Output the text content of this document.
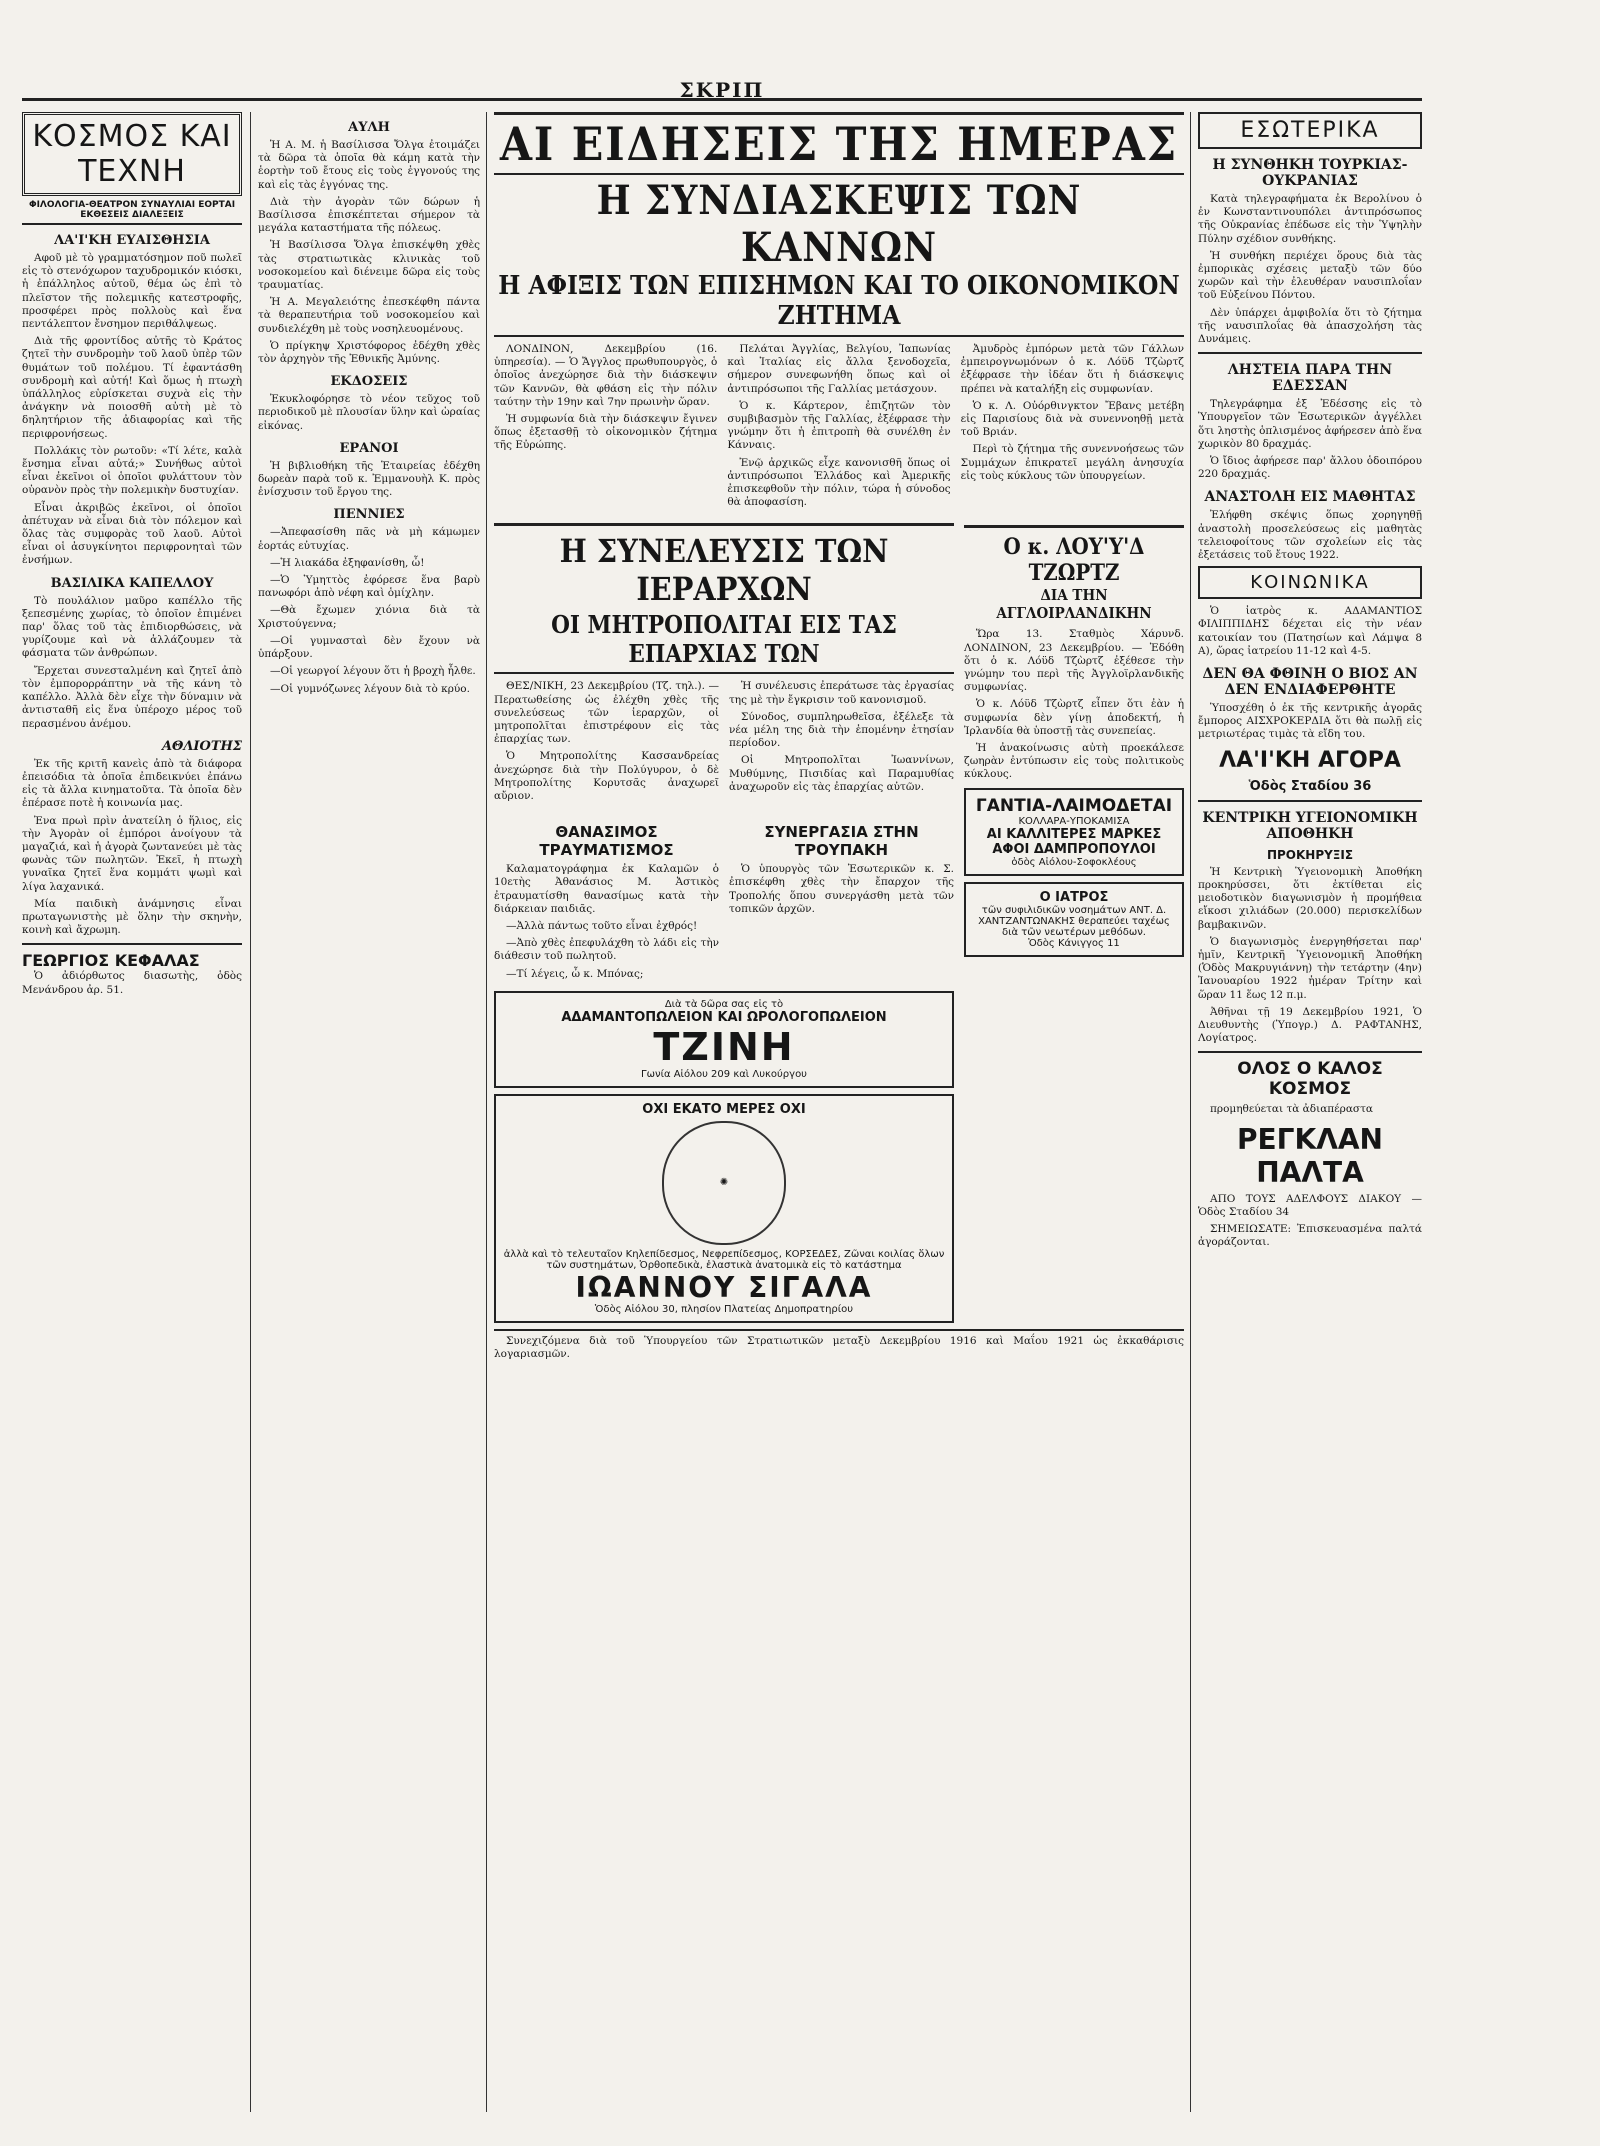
ΣΚΡΙΠ
ΚΟΣΜΟΣ ΚΑΙ ΤΕΧΝΗ
ΦΙΛΟΛΟΓΙΑ-ΘΕΑΤΡΟΝ ΣΥΝΑΥΛΙΑΙ ΕΟΡΤΑΙ ΕΚΘΕΣΕΙΣ ΔΙΑΛΕΞΕΙΣ
ΛΑ'Ι'ΚΗ ΕΥΑΙΣΘΗΣΙΑ

Αφοῦ μὲ τὸ γραμματόσημον ποῦ πωλεῖ εἰς τὸ στενόχωρον ταχυδρομικόν κιόσκι, ἡ ἐπάλληλος αὐτοῦ, θέμα ὡς ἐπὶ τὸ πλεῖστον τῆς πολεμικῆς κατεστροφῆς, προσφέρει πρὸς πολλοὺς καὶ ἕνα πεντάλεπτον ἔνσημον περιθάλψεως.

Διὰ τῆς φροντίδος αὐτῆς τὸ Κράτος ζητεῖ τὴν συνδρομὴν τοῦ λαοῦ ὑπὲρ τῶν θυμάτων τοῦ πολέμου. Τί ἐφαντάσθη συνδρομὴ καὶ αὐτή! Καὶ ὅμως ἡ πτωχὴ ὑπάλληλος εὑρίσκεται συχνὰ εἰς τὴν ἀνάγκην νὰ ποιοσθῆ αὐτὴ μὲ τὸ δηλητήριον τῆς ἀδιαφορίας καὶ τῆς περιφρονήσεως.

Πολλάκις τὸν ρωτοῦν: «Τί λέτε, καλὰ ἔνσημα εἶναι αὐτά;» Συνήθως αὐτοὶ εἶναι ἐκεῖνοι οἱ ὁποῖοι φυλάττουν τὸν οὐρανὸν πρὸς τὴν πολεμικὴν δυστυχίαν.

Εἶναι ἀκριβῶς ἐκεῖνοι, οἱ ὁποῖοι ἀπέτυχαν νὰ εἶναι διὰ τὸν πόλεμον καὶ ὅλας τὰς συμφορὰς τοῦ λαοῦ. Αὐτοὶ εἶναι οἱ ἀσυγκίνητοι περιφρονηταὶ τῶν ἐνσήμων.

ΒΑΣΙΛΙΚΑ ΚΑΠΕΛΛΟΥ

Τὸ πουλάλιον μαῦρο καπέλλο τῆς ξεπεσμένης χωρίας, τὸ ὁποῖον ἐπιμένει παρ' ὅλας τοῦ τὰς ἐπιδιορθώσεις, νὰ γυρίζουμε καὶ νὰ ἀλλάζουμεν τὰ φάσματα τῶν ἀνθρώπων.

Ἔρχεται συνεσταλμένη καὶ ζητεῖ ἀπὸ τὸν ἐμπορορράπτην νὰ τῆς κάνη τὸ καπέλλο. Ἀλλὰ δὲν εἶχε τὴν δύναμιν νὰ ἀντισταθῆ εἰς ἕνα ὑπέροχο μέρος τοῦ περασμένου ἀνέμου.

ΑΘΛΙΟΤΗΣ

Ἐκ τῆς κριτῆ κανεὶς ἀπὸ τὰ διάφορα ἐπεισόδια τὰ ὁποῖα ἐπιδεικνύει ἐπάνω εἰς τὰ ἄλλα κινηματοῦτα. Τὰ ὁποῖα δὲν ἐπέρασε ποτὲ ἡ κοινωνία μας.

Ἐνα πρωὶ πρὶν ἀνατείλη ὁ ἥλιος, εἰς τὴν Ἀγορὰν οἱ ἐμπόροι ἀνοίγουν τὰ μαγαζιά, καὶ ἡ ἀγορὰ ζωντανεύει μὲ τὰς φωνὰς τῶν πωλητῶν. Ἐκεῖ, ἡ πτωχὴ γυναῖκα ζητεῖ ἕνα κομμάτι ψωμὶ καὶ λίγα λαχανικά.

Μία παιδικὴ ἀνάμνησις εἶναι πρωταγωνιστὴς μὲ ὅλην τὴν σκηνὴν, κοινὴ καὶ ἄχρωμη.

ΓΕΩΡΓΙΟΣ ΚΕΦΑΛΑΣ

Ὁ ἀδιόρθωτος διασωτὴς, ὁδὸς Μενάνδρου ἀρ. 51.

ΑΥΛΗ

Ἡ Α. Μ. ἡ Βασίλισσα Ὄλγα ἐτοιμάζει τὰ δῶρα τὰ ὁποῖα θὰ κάμη κατὰ τὴν ἑορτὴν τοῦ ἔτους εἰς τοὺς ἐγγονούς της καὶ εἰς τὰς ἐγγόνας της.

Διὰ τὴν ἀγορὰν τῶν δώρων ἡ Βασίλισσα ἐπισκέπτεται σήμερον τὰ μεγάλα καταστήματα τῆς πόλεως.

Ἡ Βασίλισσα Ὄλγα ἐπισκέψθη χθὲς τὰς στρατιωτικὰς κλινικὰς τοῦ νοσοκομείου καὶ διένειμε δῶρα εἰς τοὺς τραυματίας.

Ἡ Α. Μεγαλειότης ἐπεσκέφθη πάντα τὰ θεραπευτήρια τοῦ νοσοκομείου καὶ συνδιελέχθη μὲ τοὺς νοσηλευομένους.

Ὁ πρίγκηψ Χριστόφορος ἐδέχθη χθὲς τὸν ἀρχηγὸν τῆς Ἐθνικῆς Ἀμύνης.

ΕΚΔΟΣΕΙΣ

Ἐκυκλοφόρησε τὸ νέον τεῦχος τοῦ περιοδικοῦ μὲ πλουσίαν ὕλην καὶ ὡραίας εἰκόνας.

ΕΡΑΝΟΙ

Ἡ βιβλιοθήκη τῆς Ἑταιρείας ἐδέχθη δωρεὰν παρὰ τοῦ κ. Ἐμμανουὴλ Κ. πρὸς ἐνίσχυσιν τοῦ ἔργου της.

ΠΕΝΝΙΕΣ

—Ἀπεφασίσθη πᾶς νὰ μὴ κάμωμεν ἑορτάς εὐτυχίας.

—Ἡ λιακάδα ἐξηφανίσθη, ὦ!

—Ὁ Ὑμηττὸς ἐφόρεσε ἕνα βαρὺ πανωφόρι ἀπὸ νέφη καὶ ὁμίχλην.

—Θὰ ἔχωμεν χιόνια διὰ τὰ Χριστούγεννα;

—Οἱ γυμνασταὶ δὲν ἔχουν νὰ ὑπάρξουν.

—Οἱ γεωργοί λέγουν ὅτι ἡ βροχὴ ἦλθε.

—Οἱ γυμνόζωνες λέγουν διὰ τὸ κρύο.

ΑΙ ΕΙΔΗΣΕΙΣ ΤΗΣ ΗΜΕΡΑΣ
Η ΣΥΝΔΙΑΣΚΕΨΙΣ ΤΩΝ ΚΑΝΝΩΝ
Η ΑΦΙΞΙΣ ΤΩΝ ΕΠΙΣΗΜΩΝ ΚΑΙ ΤΟ ΟΙΚΟΝΟΜΙΚΟΝ ΖΗΤΗΜΑ

ΛΟΝΔΙΝΟΝ, Δεκεμβρίου (16. ὑπηρεσία). — Ὁ Ἄγγλος πρωθυπουργὸς, ὁ ὁποῖος ἀνεχώρησε διὰ τὴν διάσκεψιν τῶν Καννῶν, θὰ φθάση εἰς τὴν πόλιν ταύτην τὴν 19ην καὶ 7ην πρωινὴν ὥραν.

Ἡ συμφωνία διὰ τὴν διάσκεψιν ἔγινεν ὅπως ἐξετασθῇ τὸ οἰκονομικὸν ζήτημα τῆς Εὐρώπης.

Πελάται Ἀγγλίας, Βελγίου, Ἰαπωνίας καὶ Ἰταλίας εἰς ἄλλα ξενοδοχεῖα, σήμερον συνεφωνήθη ὅπως καὶ οἱ ἀντιπρόσωποι τῆς Γαλλίας μετάσχουν.

Ὁ κ. Κάρτερον, ἐπιζητῶν τὸν συμβιβασμὸν τῆς Γαλλίας, ἐξέφρασε τὴν γνώμην ὅτι ἡ ἐπιτροπὴ θὰ συνέλθη ἐν Κάνναις.

Ἐνῷ ἀρχικῶς εἶχε κανονισθῆ ὅπως οἱ ἀντιπρόσωποι Ἑλλάδος καὶ Ἀμερικῆς ἐπισκεφθοῦν τὴν πόλιν, τώρα ἡ σύνοδος θὰ ἀποφασίση.

Ἀμυδρὸς ἐμπόρων μετὰ τῶν Γάλλων ἐμπειρογνωμόνων ὁ κ. Λόϋδ Τζὼρτζ ἐξέφρασε τὴν ἰδέαν ὅτι ἡ διάσκεψις πρέπει νὰ καταλήξη εἰς συμφωνίαν.

Ὁ κ. Λ. Οὐόρθινγκτον Ἔβανς μετέβη εἰς Παρισίους διὰ νὰ συνεννοηθῇ μετὰ τοῦ Βριάν.

Περὶ τὸ ζήτημα τῆς συνεννοήσεως τῶν Συμμάχων ἐπικρατεῖ μεγάλη ἀνησυχία εἰς τοὺς κύκλους τῶν ὑπουργείων.

Η ΣΥΝΕΛΕΥΣΙΣ ΤΩΝ ΙΕΡΑΡΧΩΝ
ΟΙ ΜΗΤΡΟΠΟΛΙΤΑΙ ΕΙΣ ΤΑΣ ΕΠΑΡΧΙΑΣ ΤΩΝ

ΘΕΣ/ΝΙΚΗ, 23 Δεκεμβρίου (Τζ. τηλ.). — Περατωθείσης ὡς ἐλέχθη χθὲς τῆς συνελεύσεως τῶν ἱεραρχῶν, οἱ μητροπολῖται ἐπιστρέφουν εἰς τὰς ἐπαρχίας των.

Ὁ Μητροπολίτης Κασσανδρείας ἀνεχώρησε διὰ τὴν Πολύγυρον, ὁ δὲ Μητροπολίτης Κορυτσᾶς ἀναχωρεῖ αὔριον.

Ἡ συνέλευσις ἐπεράτωσε τὰς ἐργασίας της μὲ τὴν ἔγκρισιν τοῦ κανονισμοῦ.

Σύνοδος, συμπληρωθεῖσα, ἐξέλεξε τὰ νέα μέλη της διὰ τὴν ἐπομένην ἐτησίαν περίοδον.

Οἱ Μητροπολῖται Ἰωαννίνων, Μυθύμνης, Πισιδίας καὶ Παραμυθίας ἀναχωροῦν εἰς τὰς ἐπαρχίας αὐτῶν.

ΘΑΝΑΣΙΜΟΣ ΤΡΑΥΜΑΤΙΣΜΟΣ

Καλαματογράφημα ἐκ Καλαμῶν ὁ 10ετὴς Ἀθανάσιος Μ. Ἀστικὸς ἐτραυματίσθη θανασίμως κατὰ τὴν διάρκειαν παιδιᾶς.

—Ἀλλὰ πάντως τοῦτο εἶναι ἐχθρός!

—Ἀπὸ χθὲς ἐπεφυλάχθη τὸ λάδι εἰς τὴν διάθεσιν τοῦ πωλητοῦ.

—Τί λέγεις, ὦ κ. Μπόνας;

ΣΥΝΕΡΓΑΣΙΑ ΣΤΗΝ ΤΡΟΥΠΑΚΗ

Ὁ ὑπουργὸς τῶν Ἐσωτερικῶν κ. Σ. ἐπισκέφθη χθὲς τὴν ἔπαρχον τῆς Τροπολής ὅπου συνεργάσθη μετὰ τῶν τοπικῶν ἀρχῶν.

Διὰ τὰ δῶρα σας εἰς τὸ
ΑΔΑΜΑΝΤΟΠΩΛΕΙΟΝ ΚΑΙ ΩΡΟΛΟΓΟΠΩΛΕΙΟΝ
ΤΖΙΝΗ
Γωνία Αἰόλου 209 καὶ Λυκούργου
ΟΧΙ ΕΚΑΤΟ ΜΕΡΕΣ ΟΧΙ
✺
ἀλλὰ καὶ τὸ τελευταῖον Κηλεπίδεσμος, Νεφρεπίδεσμος, ΚΟΡΣΕΔΕΣ, Ζῶναι κοιλίας ὅλων τῶν συστημάτων, Ὀρθοπεδικὰ, ἐλαστικὰ ἀνατομικὰ εἰς τὸ κατάστημα
ΙΩΑΝΝΟΥ ΣΙΓΑΛΑ
Ὁδὸς Αἰόλου 30, πλησίον Πλατείας Δημοπρατηρίου
Ο κ. ΛΟΥ'Υ'Δ ΤΖΩΡΤΖ
ΔΙΑ ΤΗΝ ΑΓΓΛΟΙΡΛΑΝΔΙΚΗΝ

Ὥρα 13. Σταθμὸς Χάρυνδ. ΛΟΝΔΙΝΟΝ, 23 Δεκεμβρίου. — Ἐδόθη ὅτι ὁ κ. Λόϋδ Τζὼρτζ ἐξέθεσε τὴν γνώμην του περὶ τῆς Ἀγγλοϊρλανδικῆς συμφωνίας.

Ὁ κ. Λόϋδ Τζὼρτζ εἶπεν ὅτι ἐὰν ἡ συμφωνία δὲν γίνῃ ἀποδεκτή, ἡ Ἰρλανδία θὰ ὑποστῇ τὰς συνεπείας.

Ἡ ἀνακοίνωσις αὐτὴ προεκάλεσε ζωηρὰν ἐντύπωσιν εἰς τοὺς πολιτικοὺς κύκλους.

ΓΑΝΤΙΑ-ΛΑΙΜΟΔΕΤΑΙ
ΚΟΛΛΑΡΑ-ΥΠΟΚΑΜΙΣΑ
ΑΙ ΚΑΛΛΙΤΕΡΕΣ ΜΑΡΚΕΣ
ΑΦΟΙ ΔΑΜΠΡΟΠΟΥΛΟΙ
ὁδὸς Αἰόλου-Σοφοκλέους
Ο ΙΑΤΡΟΣ
τῶν συφιλιδικῶν νοσημάτων ΑΝΤ. Δ. ΧΑΝΤΖΑΝΤΩΝΑΚΗΣ θεραπεύει ταχέως διὰ τῶν νεωτέρων μεθόδων.
Ὁδὸς Κάνιγγος 11

Συνεχιζόμενα διὰ τοῦ Ὑπουργείου τῶν Στρατιωτικῶν μεταξὺ Δεκεμβρίου 1916 καὶ Μαΐου 1921 ὡς ἐκκαθάρισις λογαριασμῶν.

ΕΣΩΤΕΡΙΚΑ
Η ΣΥΝΘΗΚΗ ΤΟΥΡΚΙΑΣ-ΟΥΚΡΑΝΙΑΣ

Κατὰ τηλεγραφήματα ἐκ Βερολίνου ὁ ἐν Κωνσταντινουπόλει ἀντιπρόσωπος τῆς Οὐκρανίας ἐπέδωσε εἰς τὴν Ὑψηλὴν Πύλην σχέδιον συνθήκης.

Ἡ συνθήκη περιέχει ὅρους διὰ τὰς ἐμπορικὰς σχέσεις μεταξὺ τῶν δύο χωρῶν καὶ τὴν ἐλευθέραν ναυσιπλοΐαν τοῦ Εὐξείνου Πόντου.

Δὲν ὑπάρχει ἀμφιβολία ὅτι τὸ ζήτημα τῆς ναυσιπλοΐας θὰ ἀπασχολήση τὰς Δυνάμεις.

ΛΗΣΤΕΙΑ ΠΑΡΑ ΤΗΝ ΕΔΕΣΣΑΝ

Τηλεγράφημα ἐξ Ἐδέσσης εἰς τὸ Ὑπουργεῖον τῶν Ἐσωτερικῶν ἀγγέλλει ὅτι ληστὴς ὁπλισμένος ἀφήρεσεν ἀπὸ ἕνα χωρικὸν 80 δραχμάς.

Ὁ ἴδιος ἀφήρεσε παρ' ἄλλου ὁδοιπόρου 220 δραχμάς.

ΑΝΑΣΤΟΛΗ ΕΙΣ ΜΑΘΗΤΑΣ

Ἐλήφθη σκέψις ὅπως χορηγηθῇ ἀναστολὴ προσελεύσεως εἰς μαθητὰς τελειοφοίτους τῶν σχολείων εἰς τὰς ἐξετάσεις τοῦ ἔτους 1922.

ΚΟΙΝΩΝΙΚΑ

Ὁ ἰατρὸς κ. ΑΔΑΜΑΝΤΙΟΣ ΦΙΛΙΠΠΙΔΗΣ δέχεται εἰς τὴν νέαν κατοικίαν του (Πατησίων καὶ Λάμψα 8 Α), ὥρας ἰατρείου 11-12 καὶ 4-5.

ΔΕΝ ΘΑ ΦΘΙΝΗ Ο ΒΙΟΣ ΑΝ ΔΕΝ ΕΝΔΙΑΦΕΡΘΗΤΕ

Ὑποσχέθη ὁ ἐκ τῆς κεντρικῆς ἀγορᾶς ἔμπορος ΑΙΣΧΡΟΚΕΡΔΙΑ ὅτι θὰ πωλῇ εἰς μετριωτέρας τιμὰς τὰ εἴδη του.

ΛΑ'Ι'ΚΗ ΑΓΟΡΑ
Ὁδὸς Σταδίου 36
ΚΕΝΤΡΙΚΗ ΥΓΕΙΟΝΟΜΙΚΗ ΑΠΟΘΗΚΗ
ΠΡΟΚΗΡΥΞΙΣ

Ἡ Κεντρικὴ Ὑγειονομικὴ Ἀποθήκη προκηρύσσει, ὅτι ἐκτίθεται εἰς μειοδοτικὸν διαγωνισμὸν ἡ προμήθεια εἴκοσι χιλιάδων (20.000) περισκελίδων βαμβακινῶν.

Ὁ διαγωνισμὸς ἐνεργηθήσεται παρ' ἡμῖν, Κεντρικῆ Ὑγειονομικῆ Ἀποθήκη (Ὁδὸς Μακρυγιάννη) τὴν τετάρτην (4ην) Ἰανουαρίου 1922 ἡμέραν Τρίτην καὶ ὥραν 11 ἕως 12 π.μ.

Ἀθῆναι τῇ 19 Δεκεμβρίου 1921, Ὁ Διευθυντὴς (Ὑπογρ.) Δ. ΡΑΦΤΑΝΗΣ, Λογίατρος.

ΟΛΟΣ Ο ΚΑΛΟΣ ΚΟΣΜΟΣ

προμηθεύεται τὰ ἀδιαπέραστα

ΡΕΓΚΛΑΝ ΠΑΛΤΑ

ΑΠΟ ΤΟΥΣ ΑΔΕΛΦΟΥΣ ΔΙΑΚΟΥ — Ὁδὸς Σταδίου 34

ΣΗΜΕΙΩΣΑΤΕ: Ἐπισκευασμένα παλτά ἀγοράζονται.
